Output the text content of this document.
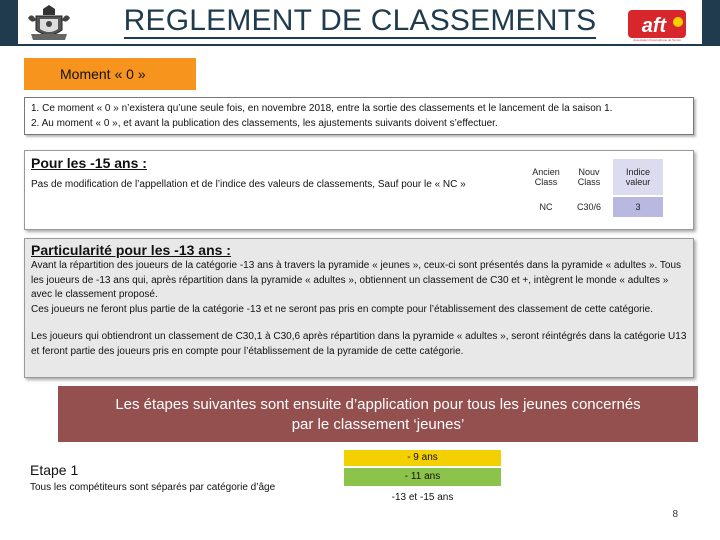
REGLEMENT DE CLASSEMENTS	aft
Association Francophone de Tennis
Moment « 0 »
1. Ce moment « 0 » n’existera qu’une seule fois, en novembre 2018, entre la sortie des classements et le lancement de la saison 1.
2. Au moment « 0 », et avant la publication des classements, les ajustements suivants doivent s’effectuer.
Pour les -15 ans :
Pas de modification de l’appellation et de l’indice des valeurs de classements, Sauf pour le « NC »
Ancien Class	Nouv Class	Indice valeur
NC	C30/6	3
Particularité pour les -13 ans :
Avant la répartition des joueurs de la catégorie -13 ans à travers la pyramide « jeunes », ceux-ci sont présentés dans la pyramide « adultes ». Tous les joueurs de -13 ans qui, après répartition dans la pyramide « adultes », obtiennent un classement de C30 et +, intègrent le monde « adultes » avec le classement proposé.
Ces joueurs ne feront plus partie de la catégorie -13 et ne seront pas pris en compte pour l’établissement des classement de cette catégorie.
Les joueurs qui obtiendront un classement de C30,1 à C30,6 après répartition dans la pyramide « adultes », seront réintégrés dans la catégorie U13 et feront partie des joueurs pris en compte pour l’établissement de la pyramide de cette catégorie.
Les étapes suivantes sont ensuite d’application pour tous les jeunes concernés
par le classement ‘jeunes’
Etape 1
Tous les compétiteurs sont séparés par catégorie d’âge
- 9 ans
- 11 ans
-13 et -15 ans
8
